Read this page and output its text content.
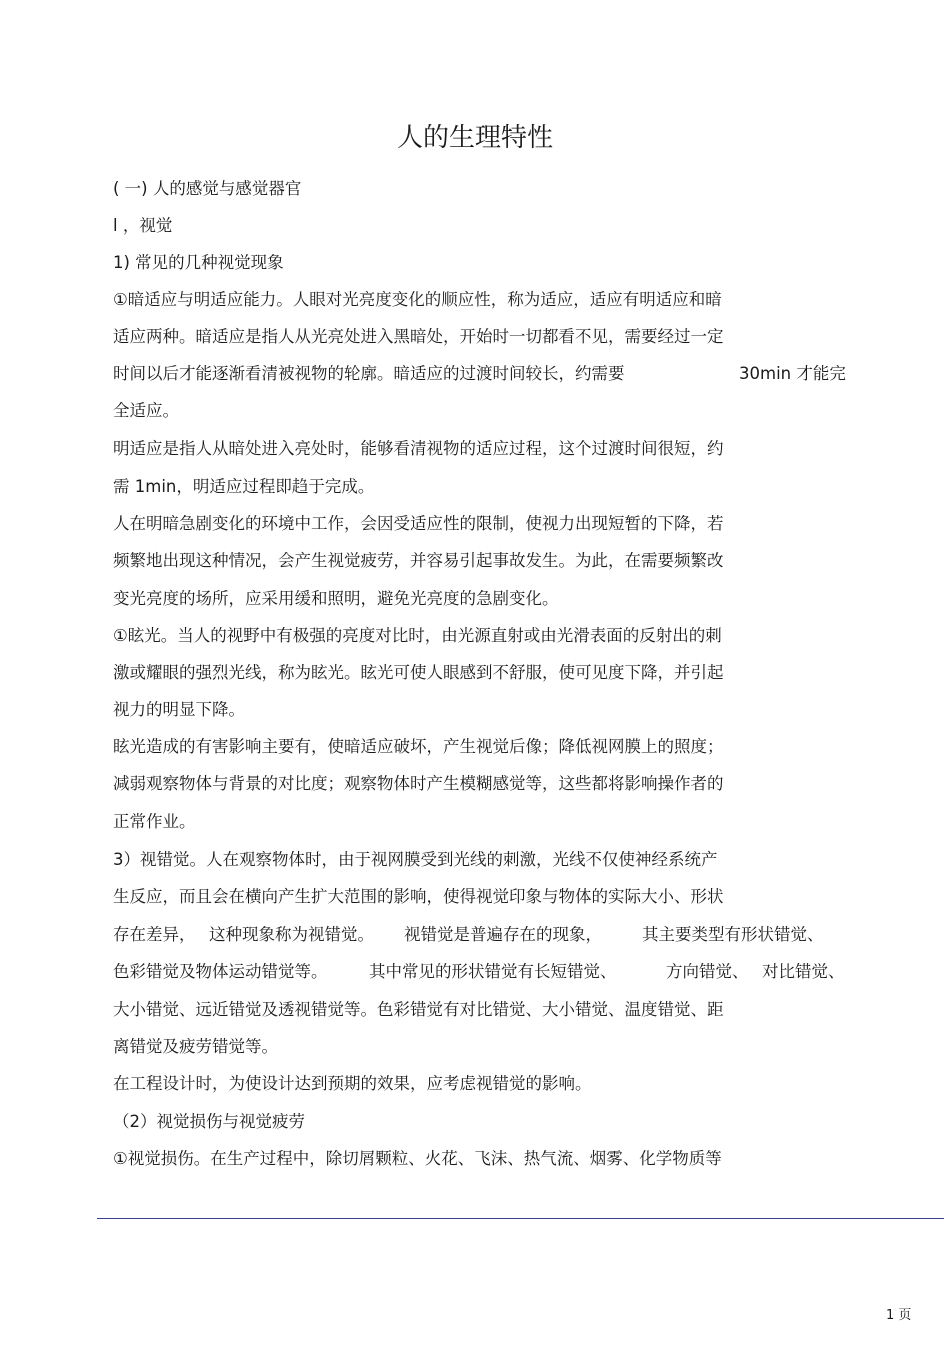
人的生理特性
( 一) 人的感觉与感觉器官
l ，视觉
1) 常见的几种视觉现象
①暗适应与明适应能力。人眼对光亮度变化的顺应性，称为适应，适应有明适应和暗
适应两种。暗适应是指人从光亮处进入黑暗处，开始时一切都看不见，需要经过一定
时间以后才能逐渐看清被视物的轮廓。暗适应的过渡时间较长，约需要	30min 才能完
全适应。
明适应是指人从暗处进入亮处时，能够看清视物的适应过程，这个过渡时间很短，约
需 1min，明适应过程即趋于完成。
人在明暗急剧变化的环境中工作，会因受适应性的限制，使视力出现短暂的下降，若
频繁地出现这种情况，会产生视觉疲劳，并容易引起事故发生。为此，在需要频繁改
变光亮度的场所，应采用缓和照明，避免光亮度的急剧变化。
①眩光。当人的视野中有极强的亮度对比时，由光源直射或由光滑表面的反射出的刺
激或耀眼的强烈光线，称为眩光。眩光可使人眼感到不舒服，使可见度下降，并引起
视力的明显下降。
眩光造成的有害影响主要有，使暗适应破坏，产生视觉后像；降低视网膜上的照度；
减弱观察物体与背景的对比度；观察物体时产生模糊感觉等，这些都将影响操作者的
正常作业。
3）视错觉。人在观察物体时，由于视网膜受到光线的刺激，光线不仅使神经系统产
生反应，而且会在横向产生扩大范围的影响，使得视觉印象与物体的实际大小、形状
存在差异， 这种现象称为视错觉。 视错觉是普遍存在的现象， 其主要类型有形状错觉、
色彩错觉及物体运动错觉等。	其中常见的形状错觉有长短错觉、	方向错觉、 对比错觉、
大小错觉、远近错觉及透视错觉等。色彩错觉有对比错觉、大小错觉、温度错觉、距
离错觉及疲劳错觉等。
在工程设计时，为使设计达到预期的效果，应考虑视错觉的影响。
（2）视觉损伤与视觉疲劳
①视觉损伤。在生产过程中，除切屑颗粒、火花、飞沫、热气流、烟雾、化学物质等
1 页
